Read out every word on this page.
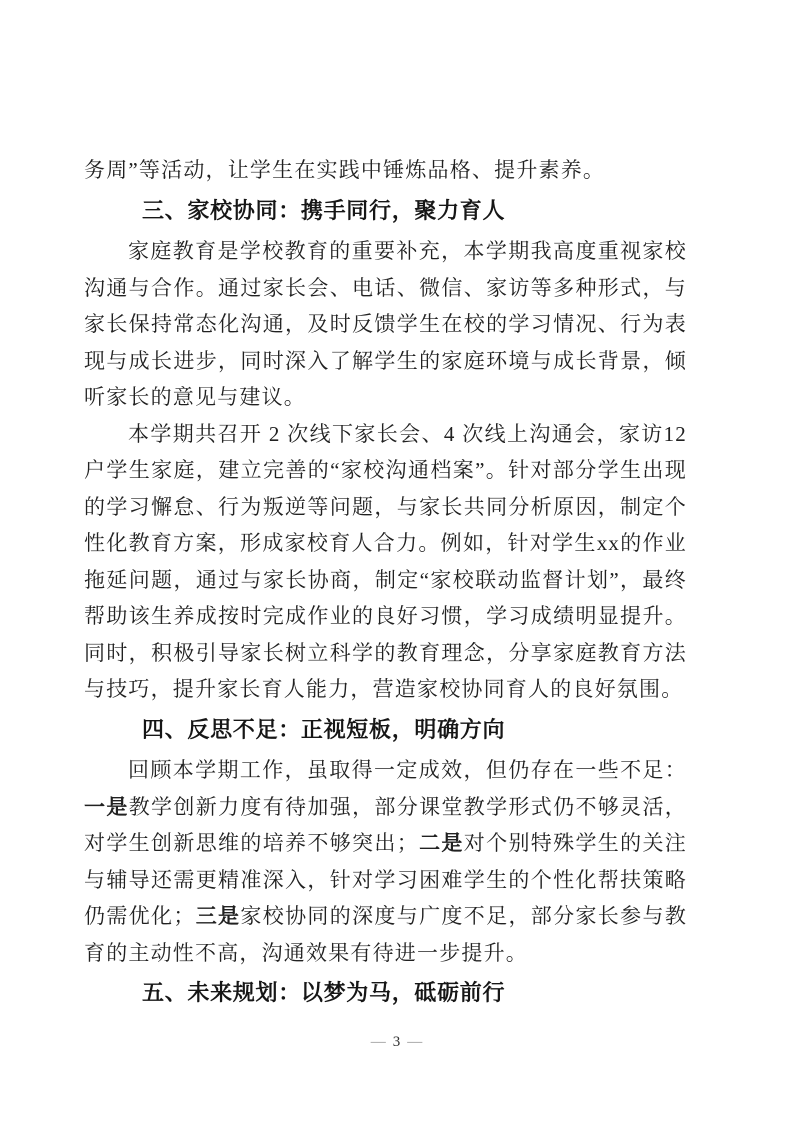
务周”等活动，让学生在实践中锤炼品格、提升素养。

三、家校协同：携手同行，聚力育人

家庭教育是学校教育的重要补充，本学期我高度重视家校沟通与合作。通过家长会、电话、微信、家访等多种形式，与家长保持常态化沟通，及时反馈学生在校的学习情况、行为表现与成长进步，同时深入了解学生的家庭环境与成长背景，倾听家长的意见与建议。

本学期共召开 2 次线下家长会、4 次线上沟通会，家访12户学生家庭，建立完善的“家校沟通档案”。针对部分学生出现的学习懈怠、行为叛逆等问题，与家长共同分析原因，制定个性化教育方案，形成家校育人合力。例如，针对学生xx的作业拖延问题，通过与家长协商，制定“家校联动监督计划”，最终帮助该生养成按时完成作业的良好习惯，学习成绩明显提升。同时，积极引导家长树立科学的教育理念，分享家庭教育方法与技巧，提升家长育人能力，营造家校协同育人的良好氛围。

四、反思不足：正视短板，明确方向

回顾本学期工作，虽取得一定成效，但仍存在一些不足：一是教学创新力度有待加强，部分课堂教学形式仍不够灵活，对学生创新思维的培养不够突出；二是对个别特殊学生的关注与辅导还需更精准深入，针对学习困难学生的个性化帮扶策略仍需优化；三是家校协同的深度与广度不足，部分家长参与教育的主动性不高，沟通效果有待进一步提升。

五、未来规划：以梦为马，砥砺前行
— 3 —
